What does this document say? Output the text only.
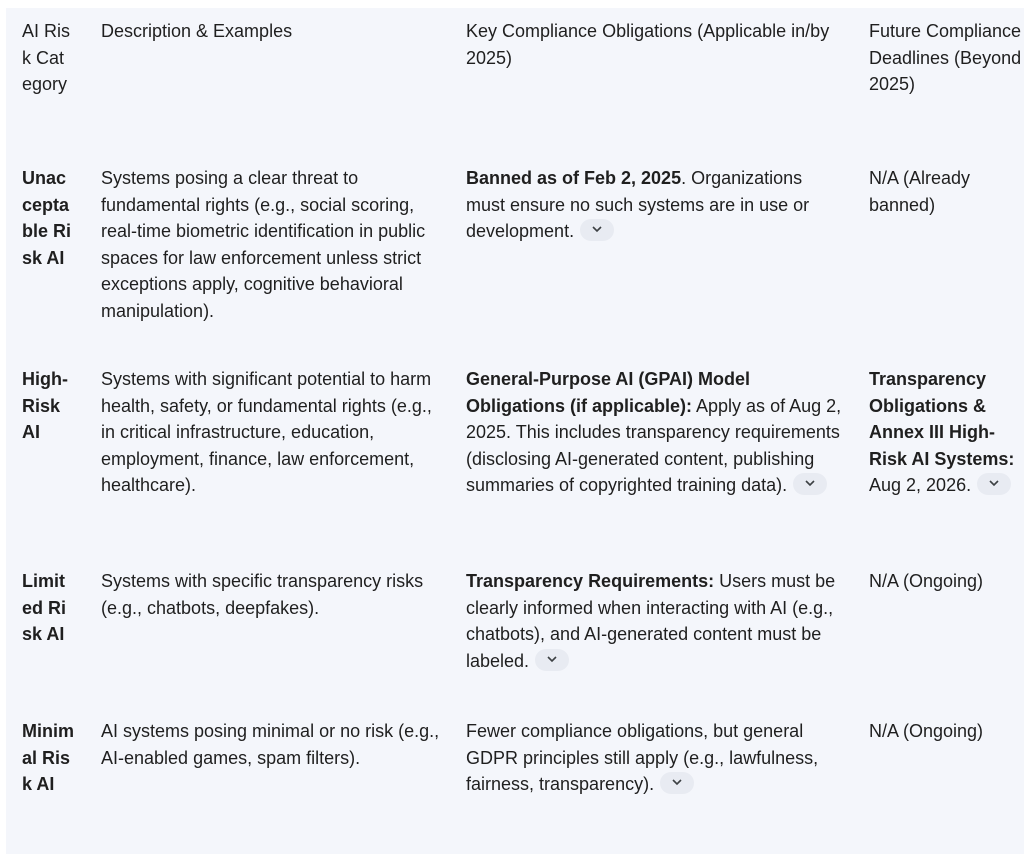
AI Risk Category
Description & Examples	Key Compliance Obligations (Applicable in/by 2025)
Future Compliance Deadlines (Beyond 2025)
Unacceptable Risk AI
Systems posing a clear threat to fundamental rights (e.g., social scoring, real-time biometric identification in public spaces for law enforcement unless strict exceptions apply, cognitive behavioral manipulation).
Banned as of Feb 2, 2025. Organizations must ensure no such systems are in use or development.
N/A (Already banned)
High-Risk AI
Systems with significant potential to harm health, safety, or fundamental rights (e.g., in critical infrastructure, education, employment, finance, law enforcement, healthcare).
General-Purpose AI (GPAI) Model Obligations (if applicable): Apply as of Aug 2, 2025. This includes transparency requirements (disclosing AI-generated content, publishing summaries of copyrighted training data).
Transparency Obligations & Annex III High-Risk AI Systems: Aug 2, 2026.
Limited Risk AI
Systems with specific transparency risks (e.g., chatbots, deepfakes).
Transparency Requirements: Users must be clearly informed when interacting with AI (e.g., chatbots), and AI-generated content must be labeled.
N/A (Ongoing)
Minimal Risk AI
AI systems posing minimal or no risk (e.g., AI-enabled games, spam filters).
Fewer compliance obligations, but general GDPR principles still apply (e.g., lawfulness, fairness, transparency).
N/A (Ongoing)
